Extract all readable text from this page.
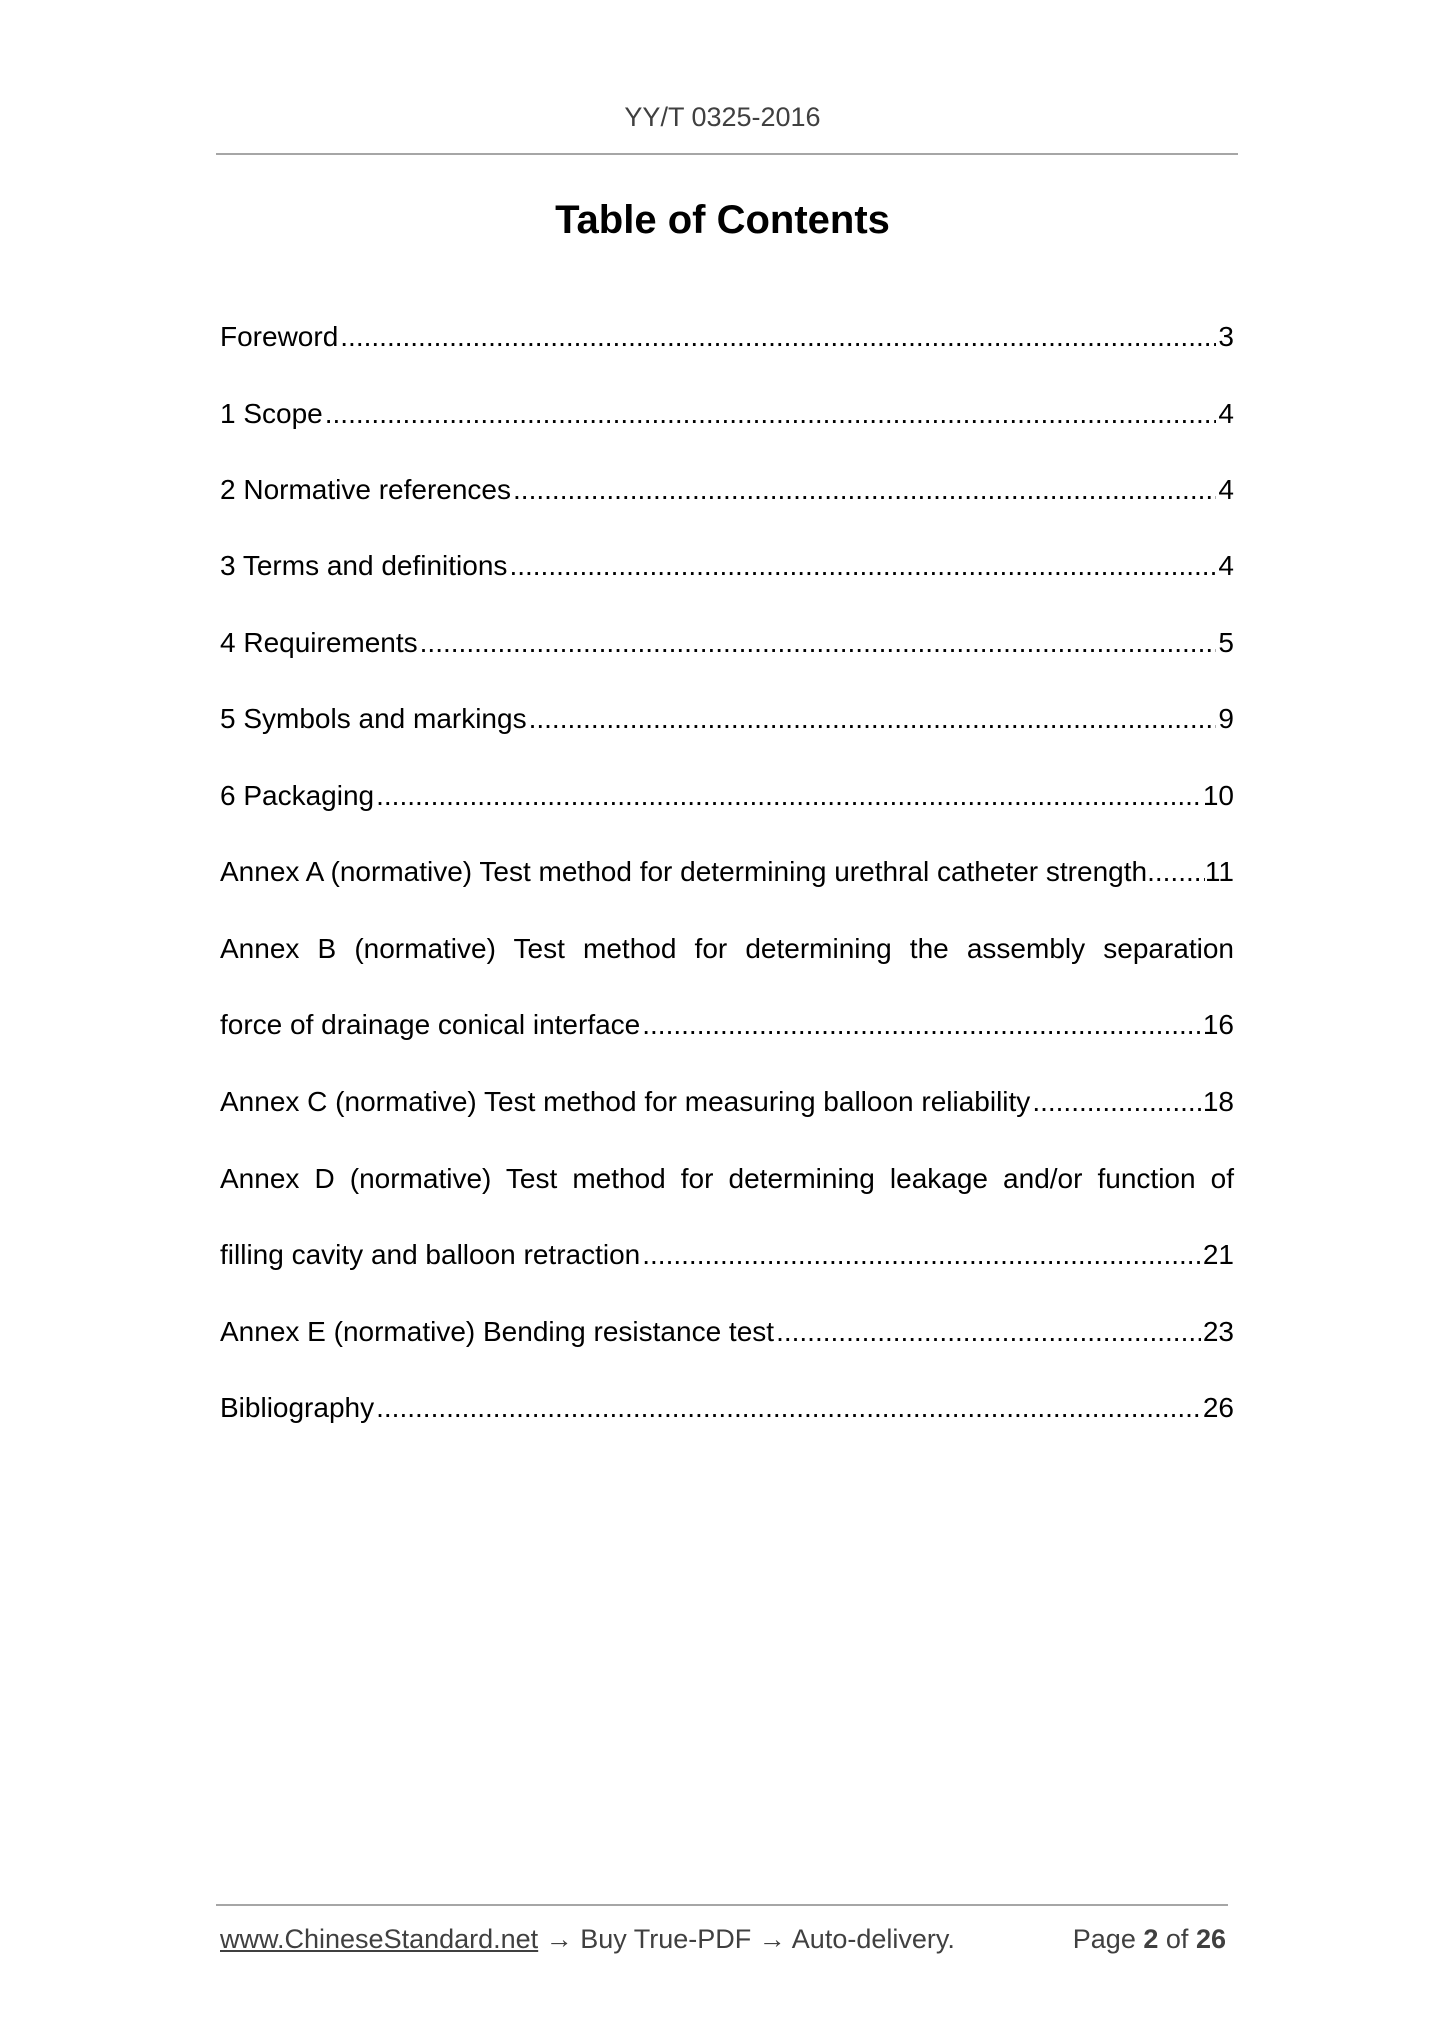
YY/T 0325-2016
Table of Contents
Foreword .....	3
1 Scope .....	4
2 Normative references .....	4
3 Terms and definitions .....	4
4 Requirements .....	5
5 Symbols and markings .....	9
6 Packaging .....	10
Annex A (normative) Test method for determining urethral catheter strength. ..... 11
Annex B (normative) Test method for determining the assembly separation
force of drainage conical interface .....	16
Annex C (normative) Test method for measuring balloon reliability .....	18
Annex D (normative) Test method for determining leakage and/or function of
filling cavity and balloon retraction .....	21
Annex E (normative) Bending resistance test .....	23
Bibliography .....	26
www.ChineseStandard.net → Buy True-PDF → Auto-delivery.	Page 2 of 26
